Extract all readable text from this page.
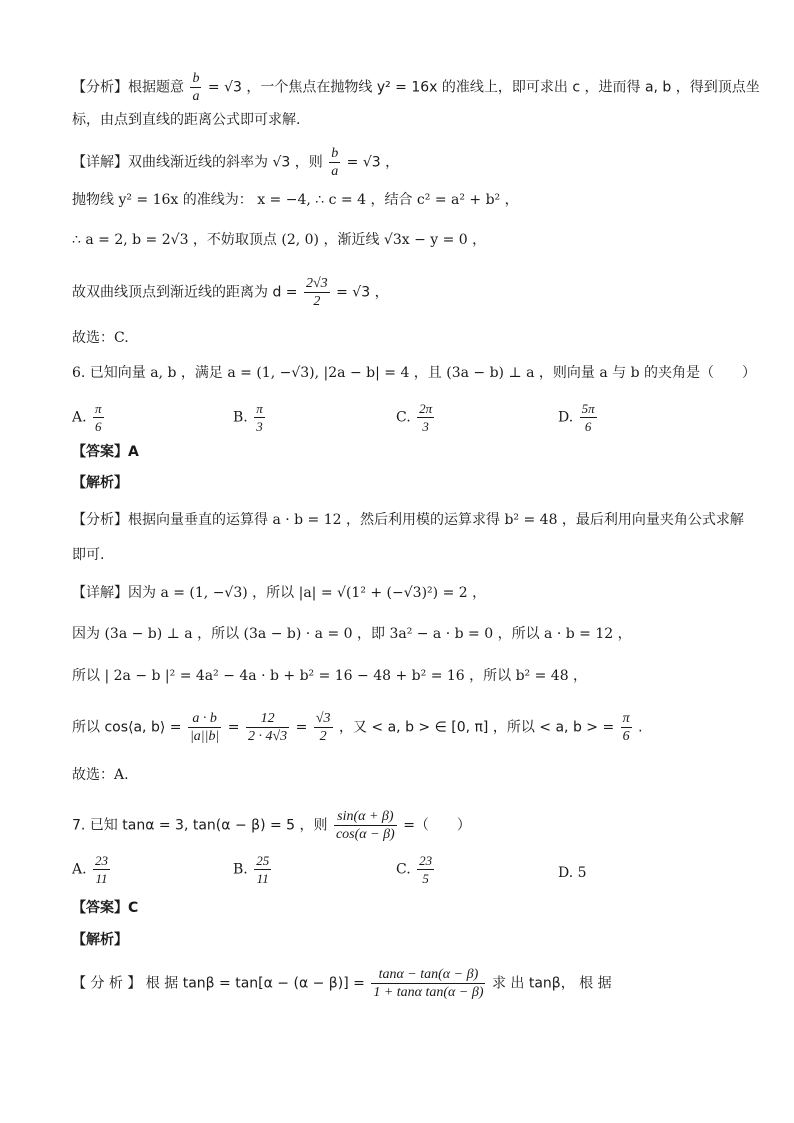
【分析】根据题意 $\frac{b}{a} = √3$ ，一个焦点在抛物线 y² = 16x 的准线上，即可求出 c ，进而得 a, b ，得到顶点坐
标，由点到直线的距离公式即可求解.
【详解】双曲线渐近线的斜率为 √3 ，则 $\frac{b}{a} = √3$ ，
抛物线 y² = 16x 的准线为： x = −4, ∴ c = 4 ，结合 c² = a² + b² ，
∴ a = 2, b = 2√3 ，不妨取顶点 (2, 0) ，渐近线 √3x − y = 0 ，
故双曲线顶点到渐近线的距离为 $d = \frac{2√3}{2} = √3$ ，
故选：C.
6. 已知向量 a, b ，满足 a = (1, −√3), |2a − b| = 4 ，且 (3a − b) ⊥ a ，则向量 a 与 b 的夹角是（　　）
A. $\frac{\pi}{6}$	B. $\frac{\pi}{3}$	C. $\frac{2\pi}{3}$	D. $\frac{5\pi}{6}$
【答案】A
【解析】
【分析】根据向量垂直的运算得 a · b = 12 ，然后利用模的运算求得 b² = 48 ，最后利用向量夹角公式求解
即可.
【详解】因为 a = (1, −√3) ，所以 |a| = √(1² + (−√3)²) = 2 ，
因为 (3a − b) ⊥ a ，所以 (3a − b) · a = 0 ，即 3a² − a · b = 0 ，所以 a · b = 12 ，
所以 | 2a − b |² = 4a² − 4a · b + b² = 16 − 48 + b² = 16 ，所以 b² = 48 ，
所以 cos⟨a, b⟩ = $\frac{a \cdot b}{|a||b|} = \frac{12}{2 \cdot 4√3} = \frac{√3}{2}$ ，又 < a, b > ∈ [0, π] ，所以 < a, b > = $\frac{\pi}{6}$ .
故选：A.
7. 已知 tanα = 3, tan(α − β) = 5 ，则 $\frac{\sin(\alpha + \beta)}{\cos(\alpha - \beta)}$ =（　　）
A. $\frac{23}{11}$	B. $\frac{25}{11}$	C. $\frac{23}{5}$	D. 5
【答案】C
【解析】
【 分 析 】 根 据 $\tan\beta = \tan[\alpha - (\alpha - \beta)] = \frac{\tan\alpha - \tan(\alpha - \beta)}{\text{1 + tanα tan(α − β)}}$ 求 出 tanβ， 根 据
